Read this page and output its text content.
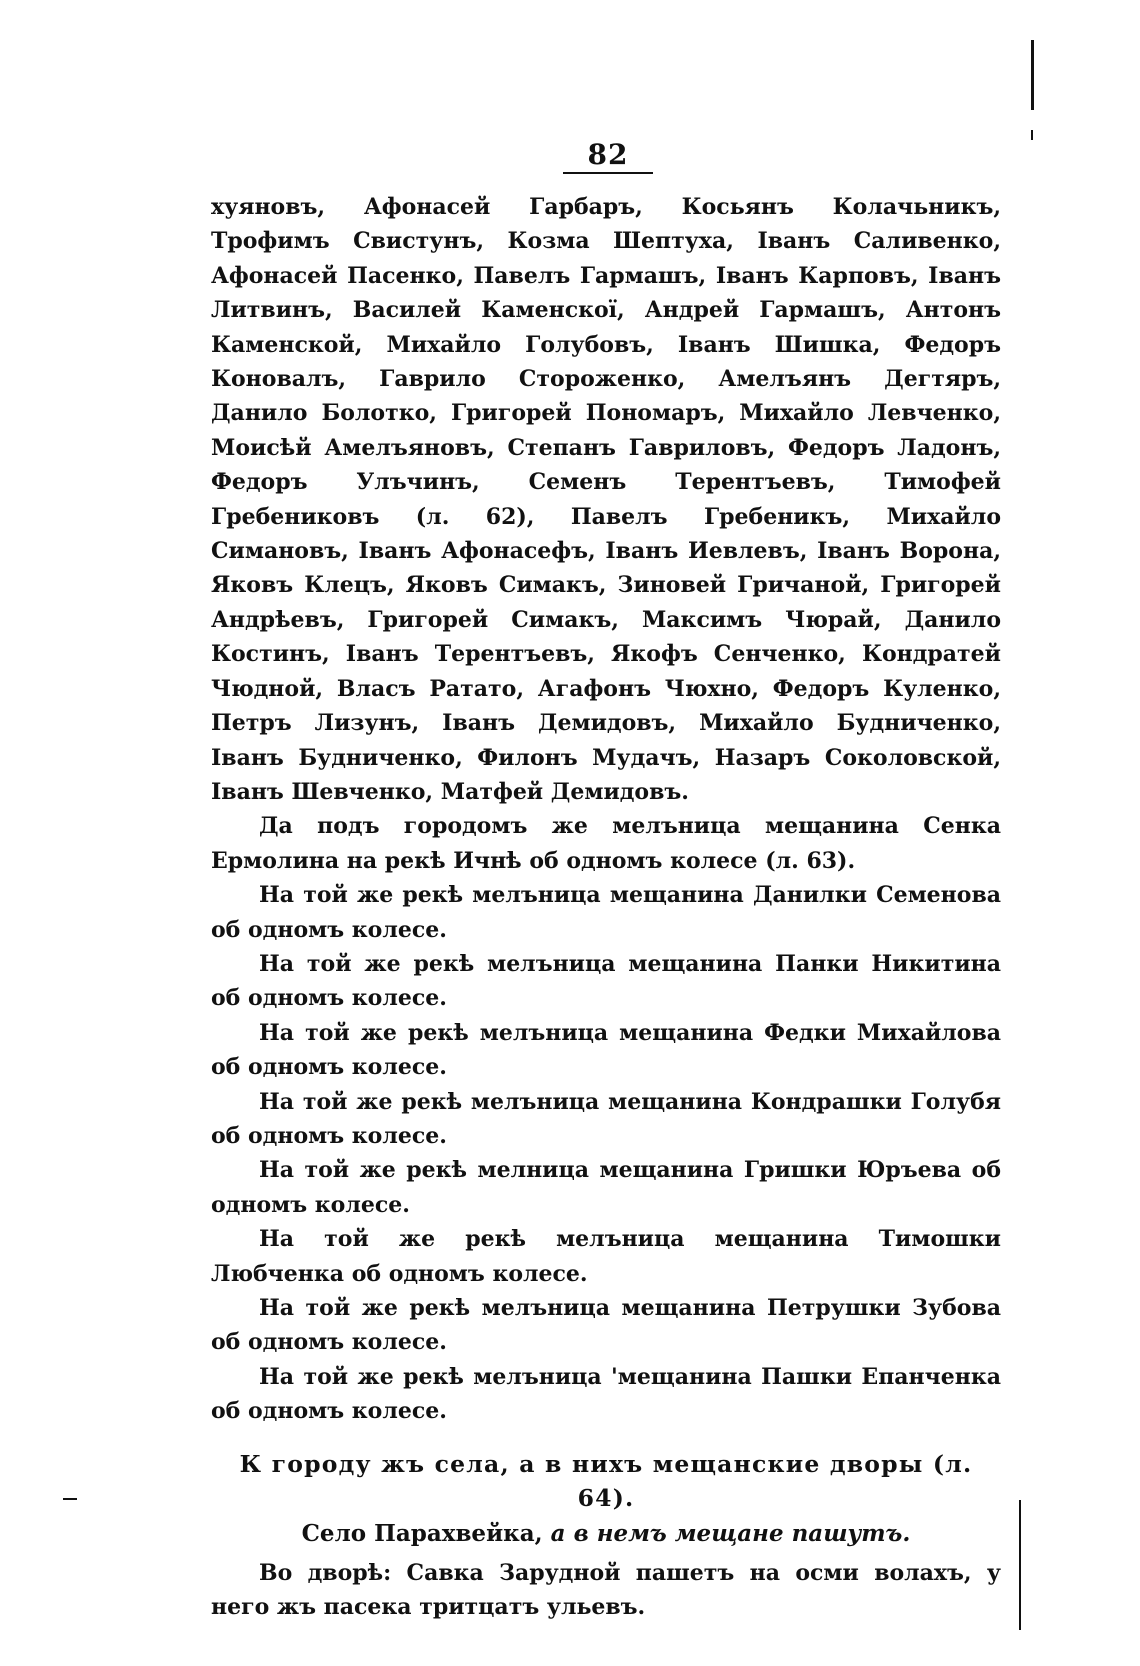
82

хуяновъ, Афонасей Гарбаръ, Косьянъ Колачьникъ, Трофимъ Свистунъ, Козма Шептуха, Іванъ Саливенко, Афонасей Пасенко, Павелъ Гармашъ, Іванъ Карповъ, Іванъ Литвинъ, Василей Каменскої, Андрей Гармашъ, Антонъ Каменской, Михайло Голубовъ, Іванъ Шишка, Федоръ Коновалъ, Гаврило Стороженко, Амелъянъ Дегтяръ, Данило Болотко, Григорей Пономаръ, Михайло Левченко, Моисѣй Амелъяновъ, Степанъ Гавриловъ, Федоръ Ладонъ, Федоръ Улъчинъ, Семенъ Терентъевъ, Тимофей Гребениковъ (л. 62), Павелъ Гребеникъ, Михайло Симановъ, Іванъ Афонасефъ, Іванъ Иевлевъ, Іванъ Ворона, Яковъ Клецъ, Яковъ Симакъ, Зиновей Гричаной, Григорей Андрѣевъ, Григорей Симакъ, Максимъ Чюрай, Данило Костинъ, Іванъ Терентъевъ, Якофъ Сенченко, Кондратей Чюдной, Власъ Ратато, Агафонъ Чюхно, Федоръ Куленко, Петръ Лизунъ, Іванъ Демидовъ, Михайло Будниченко, Іванъ Будниченко, Филонъ Мудачъ, Назаръ Соколовской, Іванъ Шевченко, Матфей Демидовъ.

Да подъ городомъ же мелъница мещанина Сенка Ермолина на рекѣ Ичнѣ об одномъ колесе (л. 63).

На той же рекѣ мелъница мещанина Данилки Семенова об одномъ колесе.

На той же рекѣ мелъница мещанина Панки Никитина об одномъ колесе.

На той же рекѣ мелъница мещанина Федки Михайлова об одномъ колесе.

На той же рекѣ мелъница мещанина Кондрашки Голубя об одномъ колесе.

На той же рекѣ мелница мещанина Гришки Юръева об одномъ колесе.

На той же рекѣ мелъница мещанина Тимошки Любченка об одномъ колесе.

На той же рекѣ мелъница мещанина Петрушки Зубова об одномъ колесе.

На той же рекѣ мелъница 'мещанина Пашки Епанченка об одномъ колесе.

К городу жъ села, а в нихъ мещанские дворы (л. 64).
Село Парахвейка, а в немъ мещане пашутъ.

Во дворѣ: Савка Зарудной пашетъ на осми волахъ, у него жъ пасека тритцатъ ульевъ.
